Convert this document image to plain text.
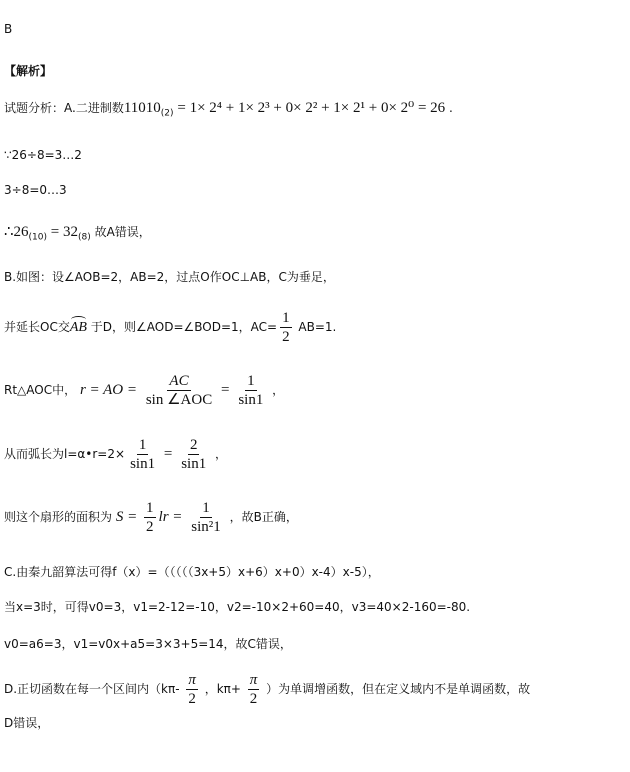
B
【解析】
试题分析：A.二进制数$11010_{(2)} = 1\times 2^4 + 1\times 2^3 + 0\times 2^2 + 1\times 2^1 + 0\times 2^0 = 26$ .
∵26÷8=3…2
3÷8=0…3
$\therefore 26_{(10)} = 32_{(8)}$ 故A错误，
B.如图：设∠AOB=2，AB=2，过点O作OC⊥AB，C为垂足，
并延长OC交AB 于D，则∠AOD=∠BOD=1，$AC= \frac{1}{2} AB=1$.
Rt△AOC中， r = AO = $\frac{AC}{\text{sin ∠AOC}} = \frac{1}{\sin 1}$ ，
从而弧长为l=α•r=2× $\frac{1}{\sin 1} = \frac{2}{\sin 1}$ ，
则这个扇形的面积为 $S = \frac{1}{2}$ lr = $\frac{1}{\text{sin²1}}$ ，故B正确，
C.由秦九韶算法可得f（x）=（（（（（3x+5）x+6）x+0）x-4）x-5），
当x=3时，可得v0=3，v1=2-12=-10，v2=-10×2+60=40，v3=40×2-160=-80.
v0=a6=3，v1=v0x+a5=3×3+5=14，故C错误，
D.正切函数在每一个区间内（$k\pi- \frac{\pi}{2}$ ，$k\pi+ \frac{\pi}{2}$ ）为单调增函数，但在定义域内不是单调函数，故
D错误，
